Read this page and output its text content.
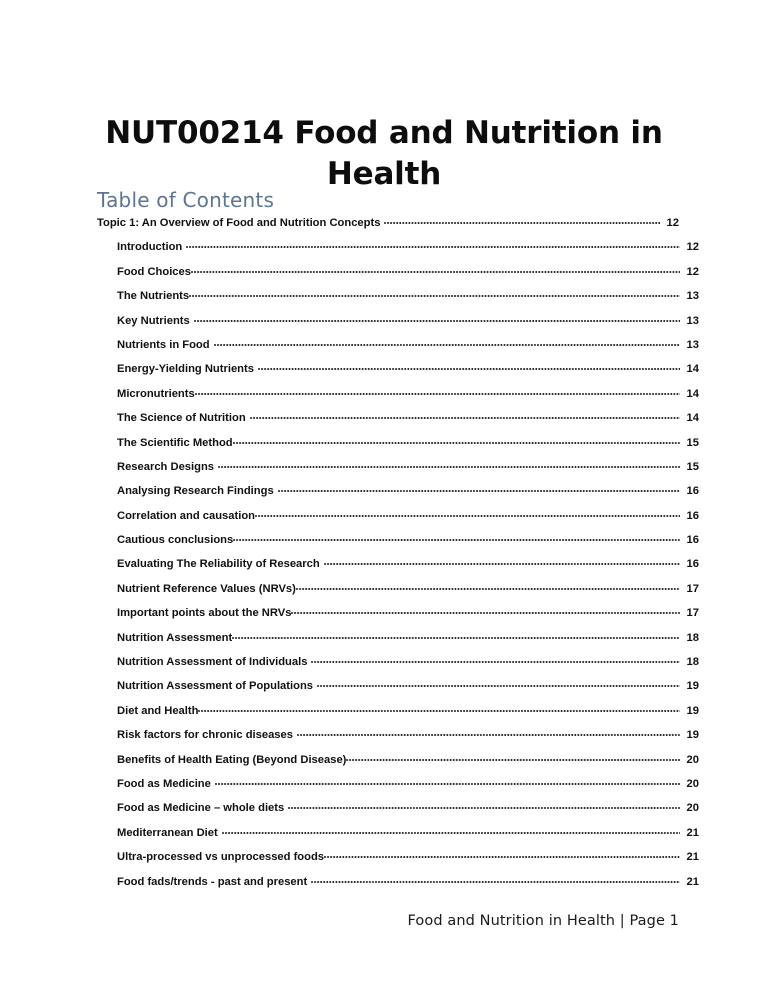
NUT00214 Food and Nutrition in Health
Table of Contents
Topic 1: An Overview of Food and Nutrition Concepts	12
Introduction	12
Food Choices	12
The Nutrients	13
Key Nutrients	13
Nutrients in Food	13
Energy-Yielding Nutrients	14
Micronutrients	14
The Science of Nutrition	14
The Scientific Method	15
Research Designs	15
Analysing Research Findings	16
Correlation and causation	16
Cautious conclusions	16
Evaluating The Reliability of Research	16
Nutrient Reference Values (NRVs)	17
Important points about the NRVs	17
Nutrition Assessment	18
Nutrition Assessment of Individuals	18
Nutrition Assessment of Populations	19
Diet and Health	19
Risk factors for chronic diseases	19
Benefits of Health Eating (Beyond Disease)	20
Food as Medicine	20
Food as Medicine – whole diets	20
Mediterranean Diet	21
Ultra-processed vs unprocessed foods	21
Food fads/trends - past and present	21
Food and Nutrition in Health | Page 1
